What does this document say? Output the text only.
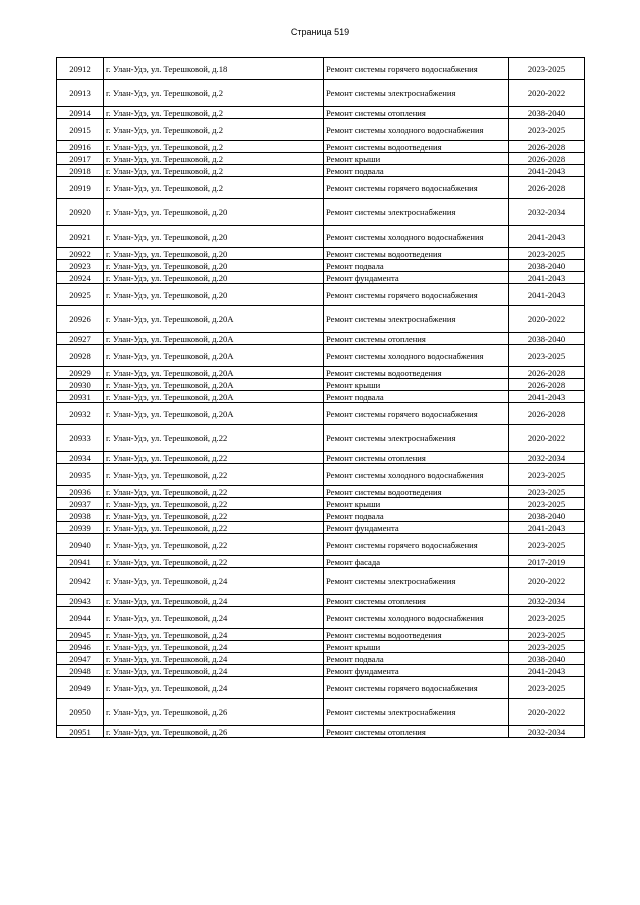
Страница 519
20912	г. Улан-Удэ, ул. Терешковой, д.18	Ремонт системы горячего водоснабжения	2023-2025
20913	г. Улан-Удэ, ул. Терешковой, д.2	Ремонт системы электроснабжения	2020-2022
20914	г. Улан-Удэ, ул. Терешковой, д.2	Ремонт системы отопления	2038-2040
20915	г. Улан-Удэ, ул. Терешковой, д.2	Ремонт системы холодного водоснабжения	2023-2025
20916	г. Улан-Удэ, ул. Терешковой, д.2	Ремонт системы водоотведения	2026-2028
20917	г. Улан-Удэ, ул. Терешковой, д.2	Ремонт крыши	2026-2028
20918	г. Улан-Удэ, ул. Терешковой, д.2	Ремонт подвала	2041-2043
20919	г. Улан-Удэ, ул. Терешковой, д.2	Ремонт системы горячего водоснабжения	2026-2028
20920	г. Улан-Удэ, ул. Терешковой, д.20	Ремонт системы электроснабжения	2032-2034
20921	г. Улан-Удэ, ул. Терешковой, д.20	Ремонт системы холодного водоснабжения	2041-2043
20922	г. Улан-Удэ, ул. Терешковой, д.20	Ремонт системы водоотведения	2023-2025
20923	г. Улан-Удэ, ул. Терешковой, д.20	Ремонт подвала	2038-2040
20924	г. Улан-Удэ, ул. Терешковой, д.20	Ремонт фундамента	2041-2043
20925	г. Улан-Удэ, ул. Терешковой, д.20	Ремонт системы горячего водоснабжения	2041-2043
20926	г. Улан-Удэ, ул. Терешковой, д.20А	Ремонт системы электроснабжения	2020-2022
20927	г. Улан-Удэ, ул. Терешковой, д.20А	Ремонт системы отопления	2038-2040
20928	г. Улан-Удэ, ул. Терешковой, д.20А	Ремонт системы холодного водоснабжения	2023-2025
20929	г. Улан-Удэ, ул. Терешковой, д.20А	Ремонт системы водоотведения	2026-2028
20930	г. Улан-Удэ, ул. Терешковой, д.20А	Ремонт крыши	2026-2028
20931	г. Улан-Удэ, ул. Терешковой, д.20А	Ремонт подвала	2041-2043
20932	г. Улан-Удэ, ул. Терешковой, д.20А	Ремонт системы горячего водоснабжения	2026-2028
20933	г. Улан-Удэ, ул. Терешковой, д.22	Ремонт системы электроснабжения	2020-2022
20934	г. Улан-Удэ, ул. Терешковой, д.22	Ремонт системы отопления	2032-2034
20935	г. Улан-Удэ, ул. Терешковой, д.22	Ремонт системы холодного водоснабжения	2023-2025
20936	г. Улан-Удэ, ул. Терешковой, д.22	Ремонт системы водоотведения	2023-2025
20937	г. Улан-Удэ, ул. Терешковой, д.22	Ремонт крыши	2023-2025
20938	г. Улан-Удэ, ул. Терешковой, д.22	Ремонт подвала	2038-2040
20939	г. Улан-Удэ, ул. Терешковой, д.22	Ремонт фундамента	2041-2043
20940	г. Улан-Удэ, ул. Терешковой, д.22	Ремонт системы горячего водоснабжения	2023-2025
20941	г. Улан-Удэ, ул. Терешковой, д.22	Ремонт фасада	2017-2019
20942	г. Улан-Удэ, ул. Терешковой, д.24	Ремонт системы электроснабжения	2020-2022
20943	г. Улан-Удэ, ул. Терешковой, д.24	Ремонт системы отопления	2032-2034
20944	г. Улан-Удэ, ул. Терешковой, д.24	Ремонт системы холодного водоснабжения	2023-2025
20945	г. Улан-Удэ, ул. Терешковой, д.24	Ремонт системы водоотведения	2023-2025
20946	г. Улан-Удэ, ул. Терешковой, д.24	Ремонт крыши	2023-2025
20947	г. Улан-Удэ, ул. Терешковой, д.24	Ремонт подвала	2038-2040
20948	г. Улан-Удэ, ул. Терешковой, д.24	Ремонт фундамента	2041-2043
20949	г. Улан-Удэ, ул. Терешковой, д.24	Ремонт системы горячего водоснабжения	2023-2025
20950	г. Улан-Удэ, ул. Терешковой, д.26	Ремонт системы электроснабжения	2020-2022
20951	г. Улан-Удэ, ул. Терешковой, д.26	Ремонт системы отопления	2032-2034
